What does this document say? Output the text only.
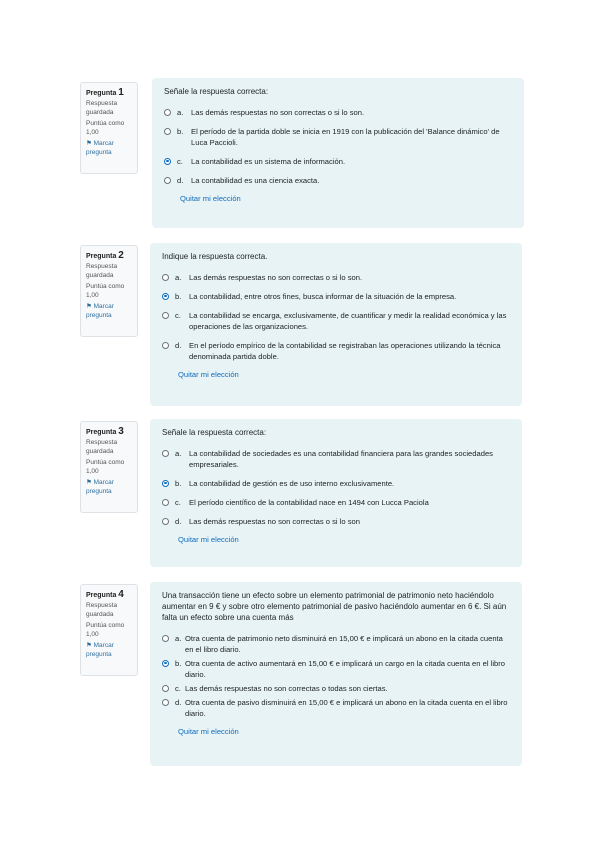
Pregunta 1
Respuesta guardada
Puntúa como 1,00
⚑ Marcar pregunta
Señale la respuesta correcta:
a.	Las demás respuestas no son correctas o si lo son.
b.	El período de la partida doble se inicia en 1919 con la publicación del 'Balance dinámico' de Luca Paccioli.
c.	La contabilidad es un sistema de información.
d.	La contabilidad es una ciencia exacta.
Quitar mi elección
Pregunta 2
Respuesta guardada
Puntúa como 1,00
⚑ Marcar pregunta
Indique la respuesta correcta.
a.	Las demás respuestas no son correctas o si lo son.
b.	La contabilidad, entre otros fines, busca informar de la situación de la empresa.
c.	La contabilidad se encarga, exclusivamente, de cuantificar y medir la realidad económica y las operaciones de las organizaciones.
d.	En el período empírico de la contabilidad se registraban las operaciones utilizando la técnica denominada partida doble.
Quitar mi elección
Pregunta 3
Respuesta guardada
Puntúa como 1,00
⚑ Marcar pregunta
Señale la respuesta correcta:
a.	La contabilidad de sociedades es una contabilidad financiera para las grandes sociedades empresariales.
b.	La contabilidad de gestión es de uso interno exclusivamente.
c.	El período científico de la contabilidad nace en 1494 con Lucca Paciola
d.	Las demás respuestas no son correctas o si lo son
Quitar mi elección
Pregunta 4
Respuesta guardada
Puntúa como 1,00
⚑ Marcar pregunta
Una transacción tiene un efecto sobre un elemento patrimonial de patrimonio neto haciéndolo aumentar en 9 € y sobre otro elemento patrimonial de pasivo haciéndolo aumentar en 6 €. Si aún falta un efecto sobre una cuenta más
a. Otra cuenta de patrimonio neto disminuirá en 15,00 € e implicará un abono en la citada cuenta en el libro diario.
b. Otra cuenta de activo aumentará en 15,00 € e implicará un cargo en la citada cuenta en el libro diario.
c. Las demás respuestas no son correctas o todas son ciertas.
d. Otra cuenta de pasivo disminuirá en 15,00 € e implicará un abono en la citada cuenta en el libro diario.
Quitar mi elección
